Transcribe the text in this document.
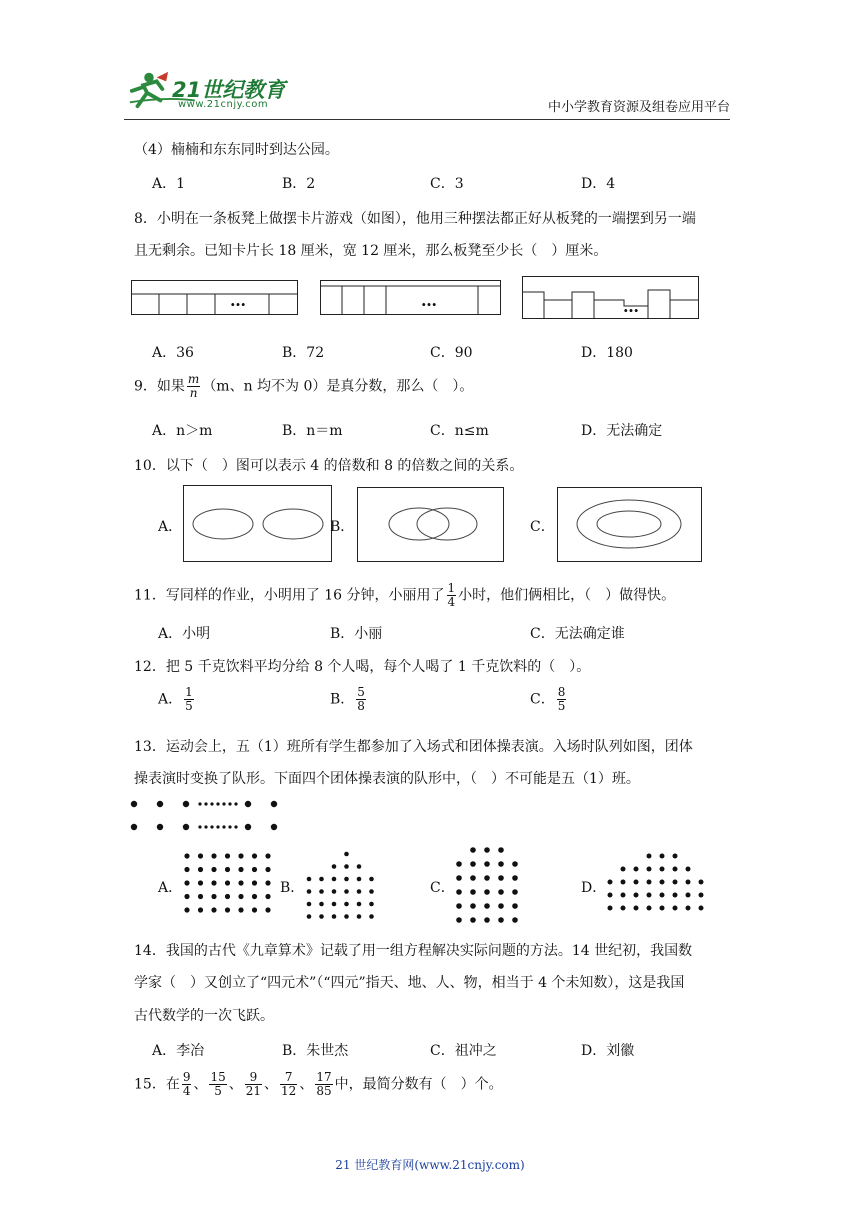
21世纪教育
www.21cnjy.com	中小学教育资源及组卷应用平台
（4）楠楠和东东同时到达公园。
A．1	B．2	C．3	D．4
8．小明在一条板凳上做摆卡片游戏（如图），他用三种摆法都正好从板凳的一端摆到另一端
且无剩余。已知卡片长 18 厘米，宽 12 厘米，那么板凳至少长（　）厘米。
…	…	…
A．36	B．72	C．90	D．180
9．如果 $\frac{m}{n} (m$、n 均不为 0）是真分数，那么（　）。
A．n＞m	B．n＝m	C．n≤m	D．无法确定
10．以下（　）图可以表示 4 的倍数和 8 的倍数之间的关系。
A．	B．	C．
11．写同样的作业，小明用了 16 分钟，小丽用了 $\frac{1}{4}$ 小时，他们俩相比，（　）做得快。
A．小明	B．小丽	C．无法确定谁
12．把 5 千克饮料平均分给 8 个人喝，每个人喝了 1 千克饮料的（　）。
A． $\frac{1}{5}$	B． $\frac{5}{8}$	C． $\frac{8}{5}$
13．运动会上，五（1）班所有学生都参加了入场式和团体操表演。入场时队列如图，团体
操表演时变换了队形。下面四个团体操表演的队形中，（　）不可能是五（1）班。
A．	B．	C．	D．
14．我国的古代《九章算术》记载了用一组方程解决实际问题的方法。14 世纪初，我国数
学家（　）又创立了“四元术”（“四元”指天、地、人、物，相当于 4 个未知数），这是我国
古代数学的一次飞跃。
A．李冶	B．朱世杰	C．祖冲之	D．刘徽
15．在 $\frac{9}{4}$ 、 $\frac{15}{5}$ 、 $\frac{9}{21}$ 、 $\frac{7}{12}$ 、 $\frac{17}{85}$ 中，最简分数有（　）个。
21 世纪教育网(www.21cnjy.com)
